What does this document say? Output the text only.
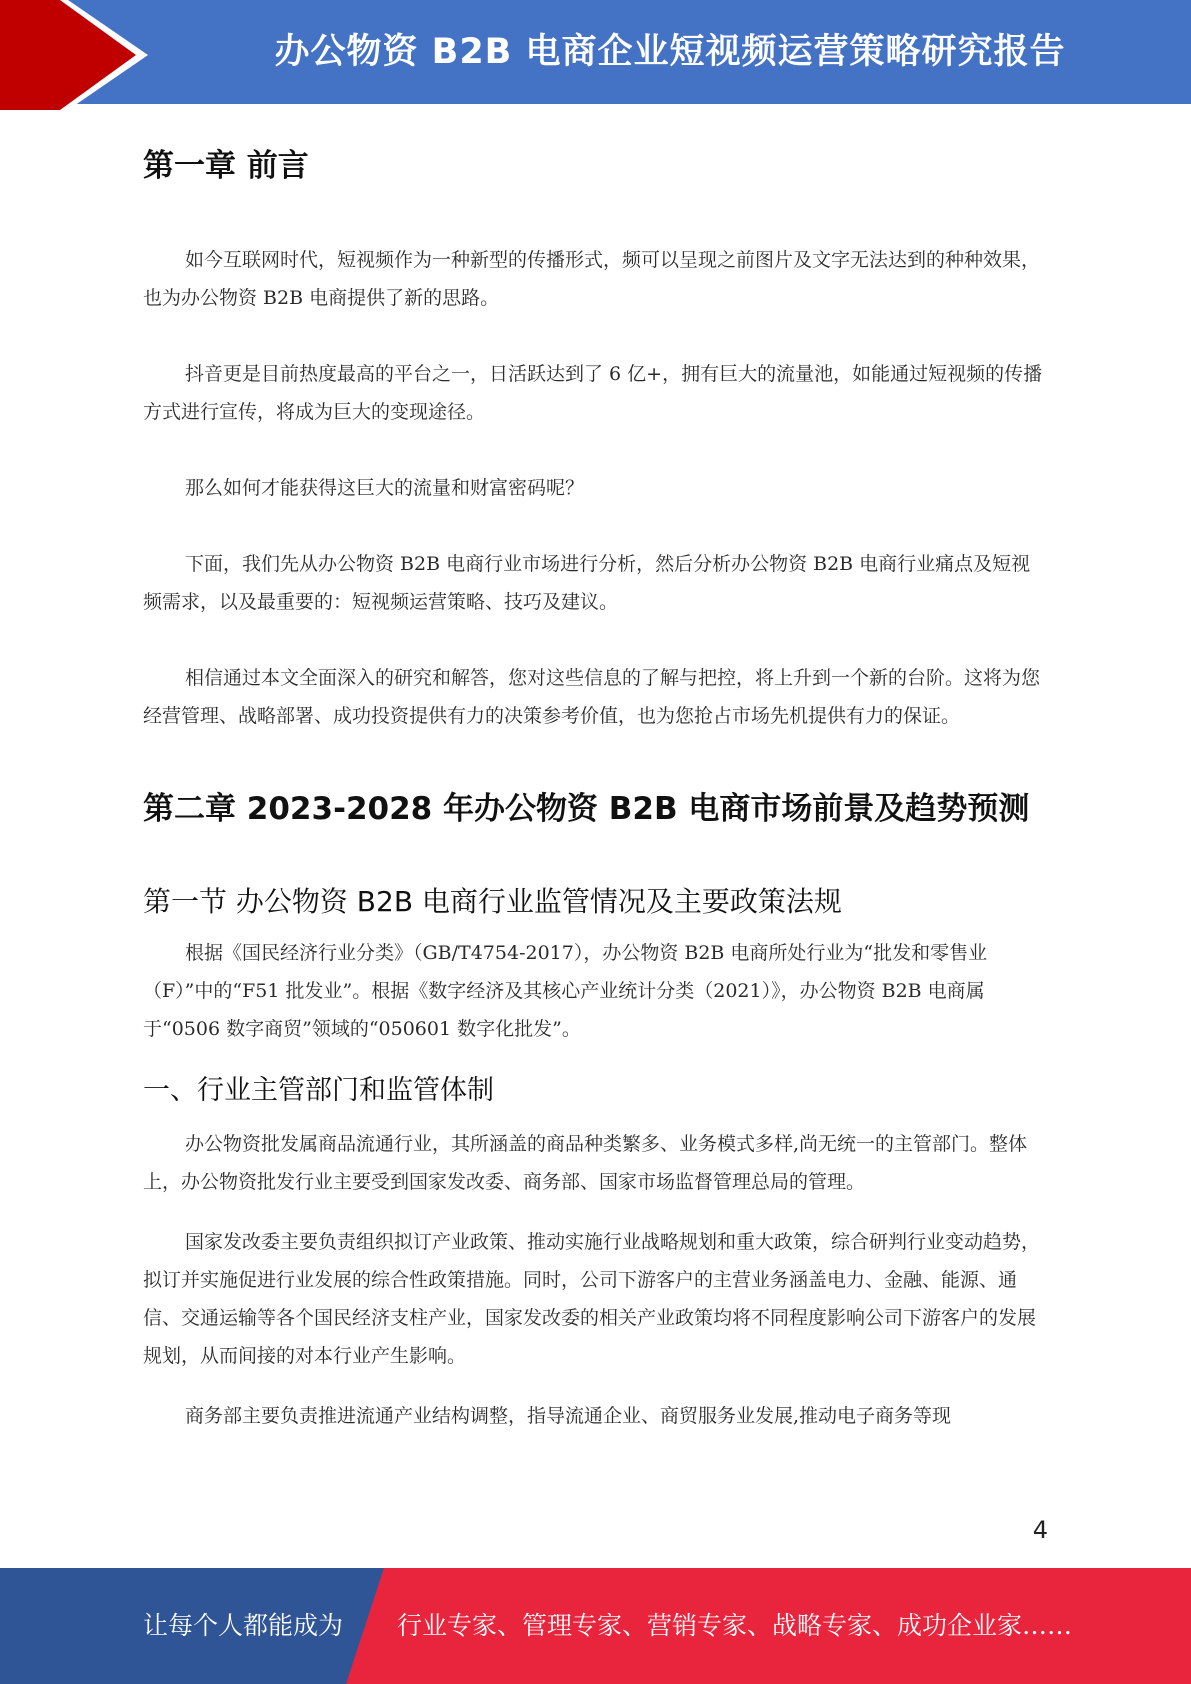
办公物资 B2B 电商企业短视频运营策略研究报告
第一章 前言

如今互联网时代，短视频作为一种新型的传播形式，频可以呈现之前图片及文字无法达到的种种效果，也为办公物资 B2B 电商提供了新的思路。

抖音更是目前热度最高的平台之一，日活跃达到了 6 亿+，拥有巨大的流量池，如能通过短视频的传播方式进行宣传，将成为巨大的变现途径。

那么如何才能获得这巨大的流量和财富密码呢？

下面，我们先从办公物资 B2B 电商行业市场进行分析，然后分析办公物资 B2B 电商行业痛点及短视频需求，以及最重要的：短视频运营策略、技巧及建议。

相信通过本文全面深入的研究和解答，您对这些信息的了解与把控，将上升到一个新的台阶。这将为您经营管理、战略部署、成功投资提供有力的决策参考价值，也为您抢占市场先机提供有力的保证。

第二章 2023-2028 年办公物资 B2B 电商市场前景及趋势预测
第一节 办公物资 B2B 电商行业监管情况及主要政策法规

根据《国民经济行业分类》（GB/T4754-2017），办公物资 B2B 电商所处行业为“批发和零售业（F）”中的“F51 批发业”。根据《数字经济及其核心产业统计分类（2021）》，办公物资 B2B 电商属于“0506 数字商贸”领域的“050601 数字化批发”。

一、行业主管部门和监管体制

办公物资批发属商品流通行业，其所涵盖的商品种类繁多、业务模式多样,尚无统一的主管部门。整体上，办公物资批发行业主要受到国家发改委、商务部、国家市场监督管理总局的管理。

国家发改委主要负责组织拟订产业政策、推动实施行业战略规划和重大政策，综合研判行业变动趋势，拟订并实施促进行业发展的综合性政策措施。同时，公司下游客户的主营业务涵盖电力、金融、能源、通信、交通运输等各个国民经济支柱产业，国家发改委的相关产业政策均将不同程度影响公司下游客户的发展规划，从而间接的对本行业产生影响。

商务部主要负责推进流通产业结构调整，指导流通企业、商贸服务业发展,推动电子商务等现

4
让每个人都能成为 行业专家、管理专家、营销专家、战略专家、成功企业家……
